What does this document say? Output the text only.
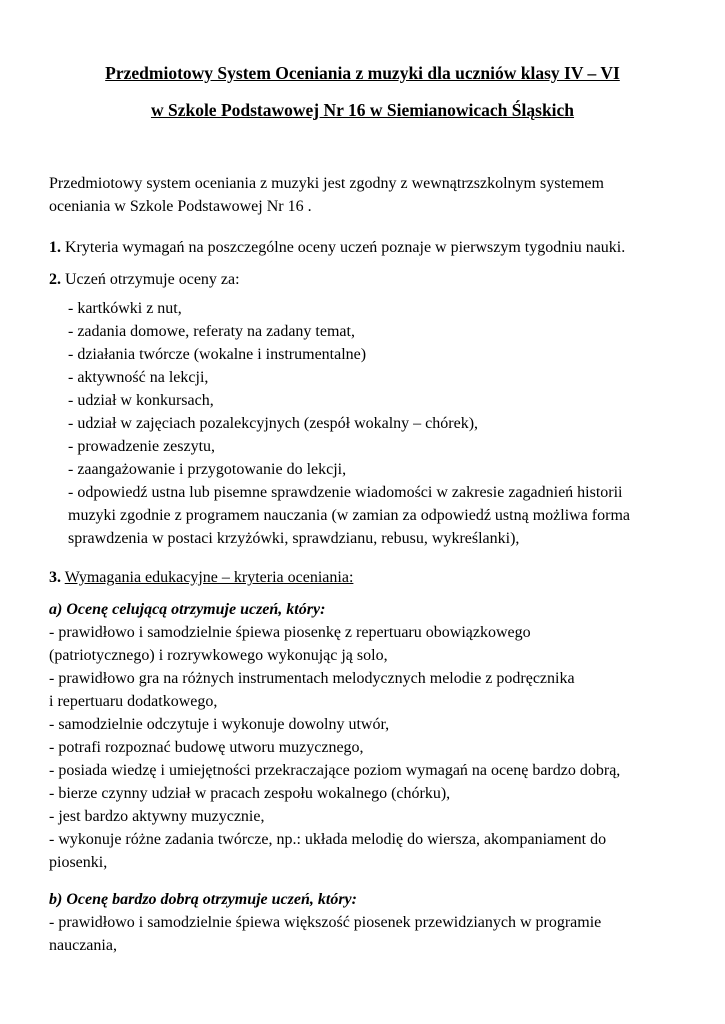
Przedmiotowy System Oceniania z muzyki dla uczniów klasy IV – VI
w Szkole Podstawowej Nr 16 w Siemianowicach Śląskich

Przedmiotowy system oceniania z muzyki jest zgodny z wewnątrzszkolnym systemem

oceniania w Szkole Podstawowej Nr 16 .

1. Kryteria wymagań na poszczególne oceny uczeń poznaje w pierwszym tygodniu nauki.

2. Uczeń otrzymuje oceny za:

- kartkówki z nut,

- zadania domowe, referaty na zadany temat,

- działania twórcze (wokalne i instrumentalne)

- aktywność na lekcji,

- udział w konkursach,

- udział w zajęciach pozalekcyjnych (zespół wokalny – chórek),

- prowadzenie zeszytu,

- zaangażowanie i przygotowanie do lekcji,

- odpowiedź ustna lub pisemne sprawdzenie wiadomości w zakresie zagadnień historii

muzyki zgodnie z programem nauczania (w zamian za odpowiedź ustną możliwa forma

sprawdzenia w postaci krzyżówki, sprawdzianu, rebusu, wykreślanki),

3. Wymagania edukacyjne – kryteria oceniania:

a) Ocenę celującą otrzymuje uczeń, który:

- prawidłowo i samodzielnie śpiewa piosenkę z repertuaru obowiązkowego

(patriotycznego) i rozrywkowego wykonując ją solo,

- prawidłowo gra na różnych instrumentach melodycznych melodie z podręcznika

i repertuaru dodatkowego,

- samodzielnie odczytuje i wykonuje dowolny utwór,

- potrafi rozpoznać budowę utworu muzycznego,

- posiada wiedzę i umiejętności przekraczające poziom wymagań na ocenę bardzo dobrą,

- bierze czynny udział w pracach zespołu wokalnego (chórku),

- jest bardzo aktywny muzycznie,

- wykonuje różne zadania twórcze, np.: układa melodię do wiersza, akompaniament do

piosenki,

b) Ocenę bardzo dobrą otrzymuje uczeń, który:

- prawidłowo i samodzielnie śpiewa większość piosenek przewidzianych w programie

nauczania,
